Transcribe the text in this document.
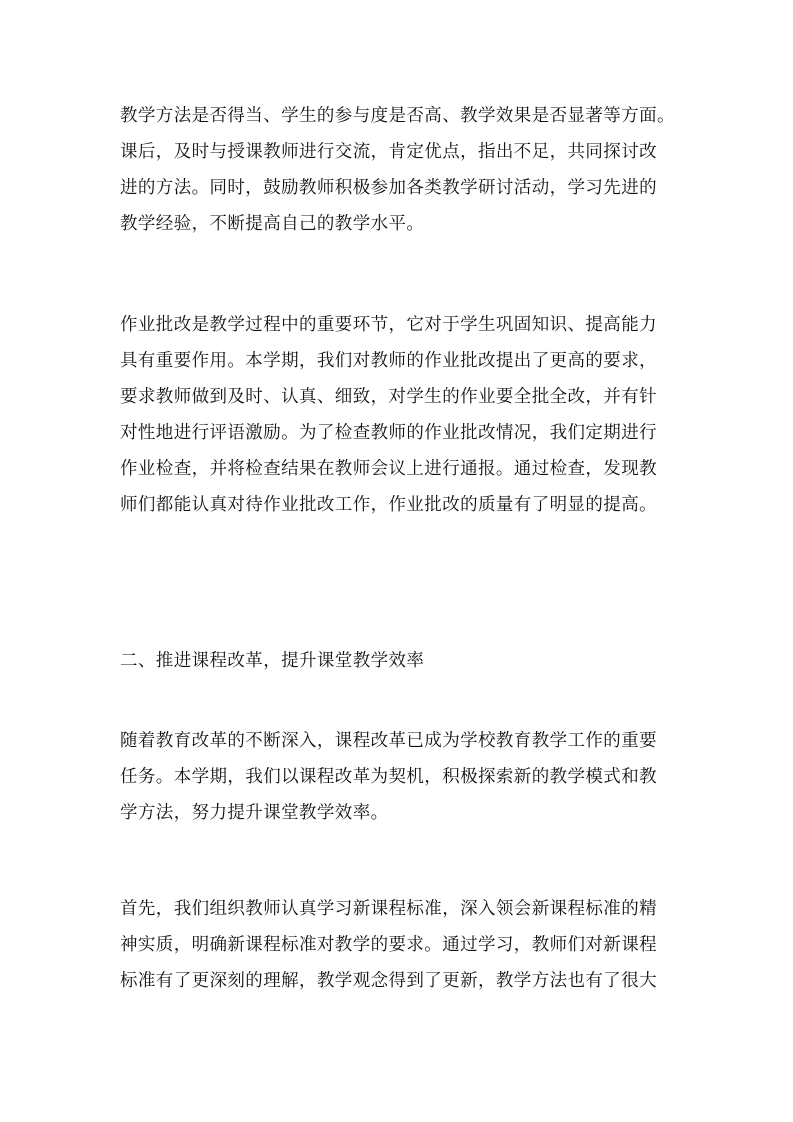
教学方法是否得当、学生的参与度是否高、教学效果是否显著等方面。
课后，及时与授课教师进行交流，肯定优点，指出不足，共同探讨改
进的方法。同时，鼓励教师积极参加各类教学研讨活动，学习先进的
教学经验，不断提高自己的教学水平。

作业批改是教学过程中的重要环节，它对于学生巩固知识、提高能力
具有重要作用。本学期，我们对教师的作业批改提出了更高的要求，
要求教师做到及时、认真、细致，对学生的作业要全批全改，并有针
对性地进行评语激励。为了检查教师的作业批改情况，我们定期进行
作业检查，并将检查结果在教师会议上进行通报。通过检查，发现教
师们都能认真对待作业批改工作，作业批改的质量有了明显的提高。

二、推进课程改革，提升课堂教学效率

随着教育改革的不断深入，课程改革已成为学校教育教学工作的重要
任务。本学期，我们以课程改革为契机，积极探索新的教学模式和教
学方法，努力提升课堂教学效率。

首先，我们组织教师认真学习新课程标准，深入领会新课程标准的精
神实质，明确新课程标准对教学的要求。通过学习，教师们对新课程
标准有了更深刻的理解，教学观念得到了更新，教学方法也有了很大
